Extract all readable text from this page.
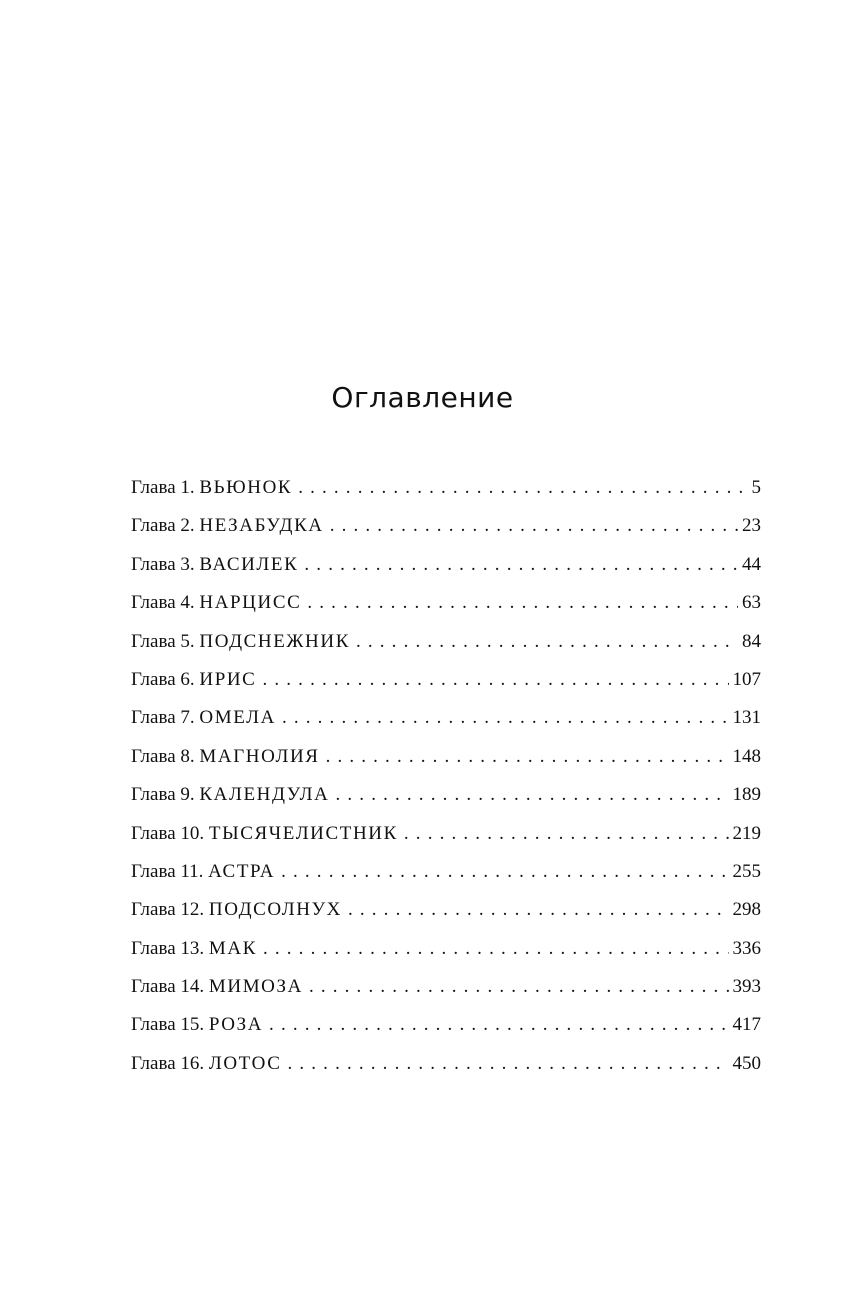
Оглавление
Глава 1. ВЬЮНОК . . .	5
Глава 2. НЕЗАБУДКА . . .	23
Глава 3. ВАСИЛЕК . . .	44
Глава 4. НАРЦИСС . . .	63
Глава 5. ПОДСНЕЖНИК . . .	84
Глава 6. ИРИС . . .	107
Глава 7. ОМЕЛА . . .	131
Глава 8. МАГНОЛИЯ . . .	148
Глава 9. КАЛЕНДУЛА . . .	189
Глава 10. ТЫСЯЧЕЛИСТНИК . . .	219
Глава 11. АСТРА . . .	255
Глава 12. ПОДСОЛНУХ . . .	298
Глава 13. МАК . . .	336
Глава 14. МИМОЗА . . .	393
Глава 15. РОЗА . . .	417
Глава 16. ЛОТОС . . .	450
